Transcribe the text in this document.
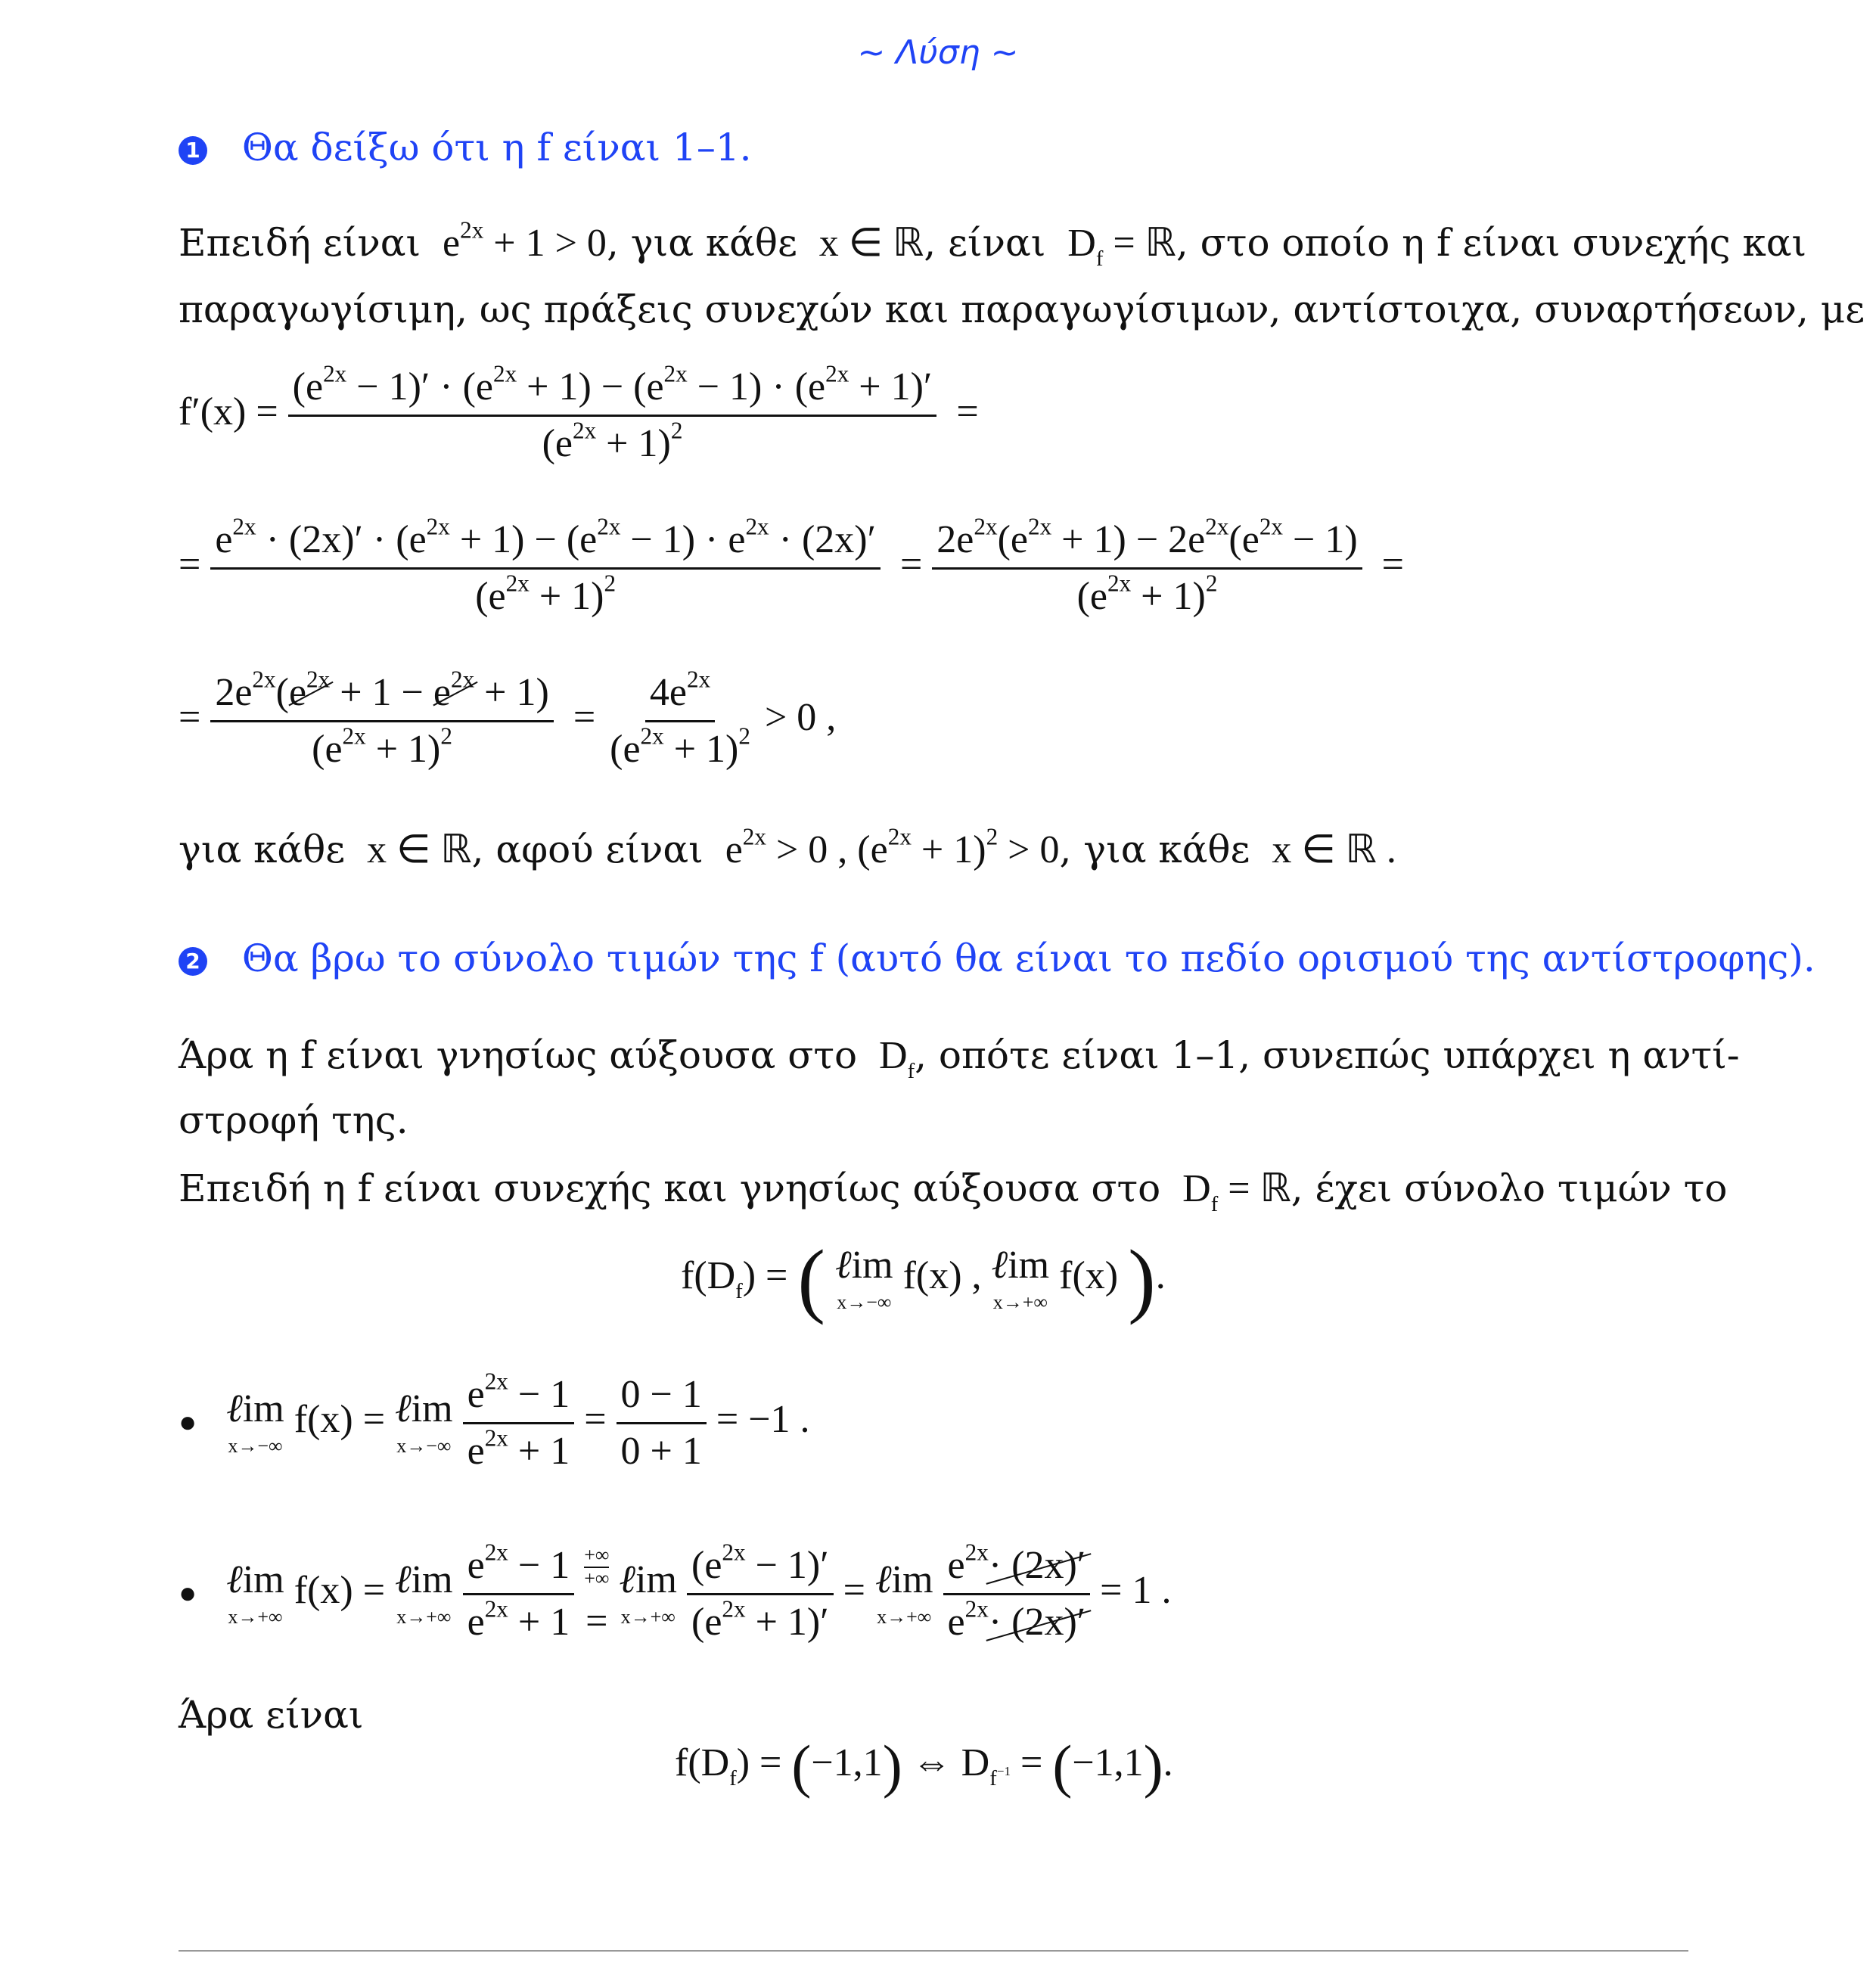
~ Λύση ~
1 Θα δείξω ότι η f είναι 1–1.
Επειδή είναι  $e^{2x} + 1 > 0$, για κάθε  x ∈ ℝ, είναι  $D_f$ = ℝ, στο οποίο η f είναι συνεχής και
παραγωγίσιμη, ως πράξεις συνεχών και παραγωγίσιμων, αντίστοιχα, συναρτήσεων, με
$f'(x) = \frac{(e^{2x} - 1)' \cdot (e^{2x} + 1) - (e^{2x} - 1) \cdot (e^{2x} + 1)'}{(e^{2x} + 1)^2}$ =
= $\frac{e^{2x} \cdot (2x)' \cdot (e^{2x} + 1) - (e^{2x} - 1) \cdot e^{2x} \cdot (2x)'}{(e^{2x} + 1)^2} = \frac{2e^{2x}(e^{2x} + 1) - 2e^{2x}(e^{2x} - 1)}{(e^{2x} + 1)^2}$ =
= $\frac{2e^{2x}(e^{2x} + 1 - e^{2x} + 1)}{(e^{2x} + 1)^2} = \frac{4e^{2x}}{(e^{2x} + 1)^2} > 0$ ,
για κάθε  x ∈ ℝ, αφού είναι  $e^{2x} > 0$ , $(e^{2x} + 1)^2 > 0$, για κάθε  x ∈ ℝ .
2 Θα βρω το σύνολο τιμών της f (αυτό θα είναι το πεδίο ορισμού της αντίστροφης).
Άρα η f είναι γνησίως αύξουσα στο  $D_f$, οπότε είναι 1–1, συνεπώς υπάρχει η αντί-
στροφή της.
Επειδή η f είναι συνεχής και γνησίως αύξουσα στο  $D_f$ = ℝ, έχει σύνολο τιμών το
$f(D_f)$ = ( ℓim
x→−∞
f(x) , ℓim
x→+∞
f(x) ).
● ℓim
x→−∞
f(x) = ℓim
x→−∞
$\frac{e^{2x} - 1}{e^{2x} + 1} = \frac{0 - 1}{0 + 1} = -1$ .
● ℓim
x→+∞
f(x) = ℓim
x→+∞
$\frac{e^{2x} - 1}{e^{2x} + 1}$
+∞
+∞
=

ℓim
x→+∞
$\frac{(e^{2x} - 1)'}{(e^{2x} + 1)'}$ = ℓim
x→+∞
$\frac{e^{2x}\cdot (2x)'}{e^{2x}\cdot (2x)'} = 1$ .
Άρα είναι
$f(D_f) = (-1,1)$ ⇔ $D_{f^{-1}} = (-1,1)$.
